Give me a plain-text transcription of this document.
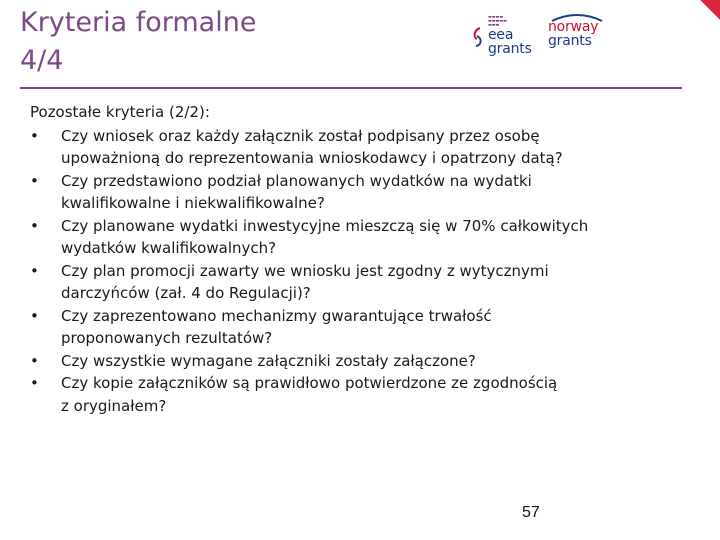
Kryteria formalne
4/4
▬▬▬▬
▬▬▬▬▬
▬▬▬
eea
grants
norway
grants
Pozostałe kryteria (2/2):
•	Czy wniosek oraz każdy załącznik został podpisany przez osobę
upoważnioną do reprezentowania wnioskodawcy i opatrzony datą?
•	Czy przedstawiono podział planowanych wydatków na wydatki
kwalifikowalne i niekwalifikowalne?
•	Czy planowane wydatki inwestycyjne mieszczą się w 70% całkowitych
wydatków kwalifikowalnych?
•	Czy plan promocji zawarty we wniosku jest zgodny z wytycznymi
darczyńców (zał. 4 do Regulacji)?
•	Czy zaprezentowano mechanizmy gwarantujące trwałość
proponowanych rezultatów?
•	Czy wszystkie wymagane załączniki zostały załączone?
•	Czy kopie załączników są prawidłowo potwierdzone ze zgodnością
z oryginałem?
57
